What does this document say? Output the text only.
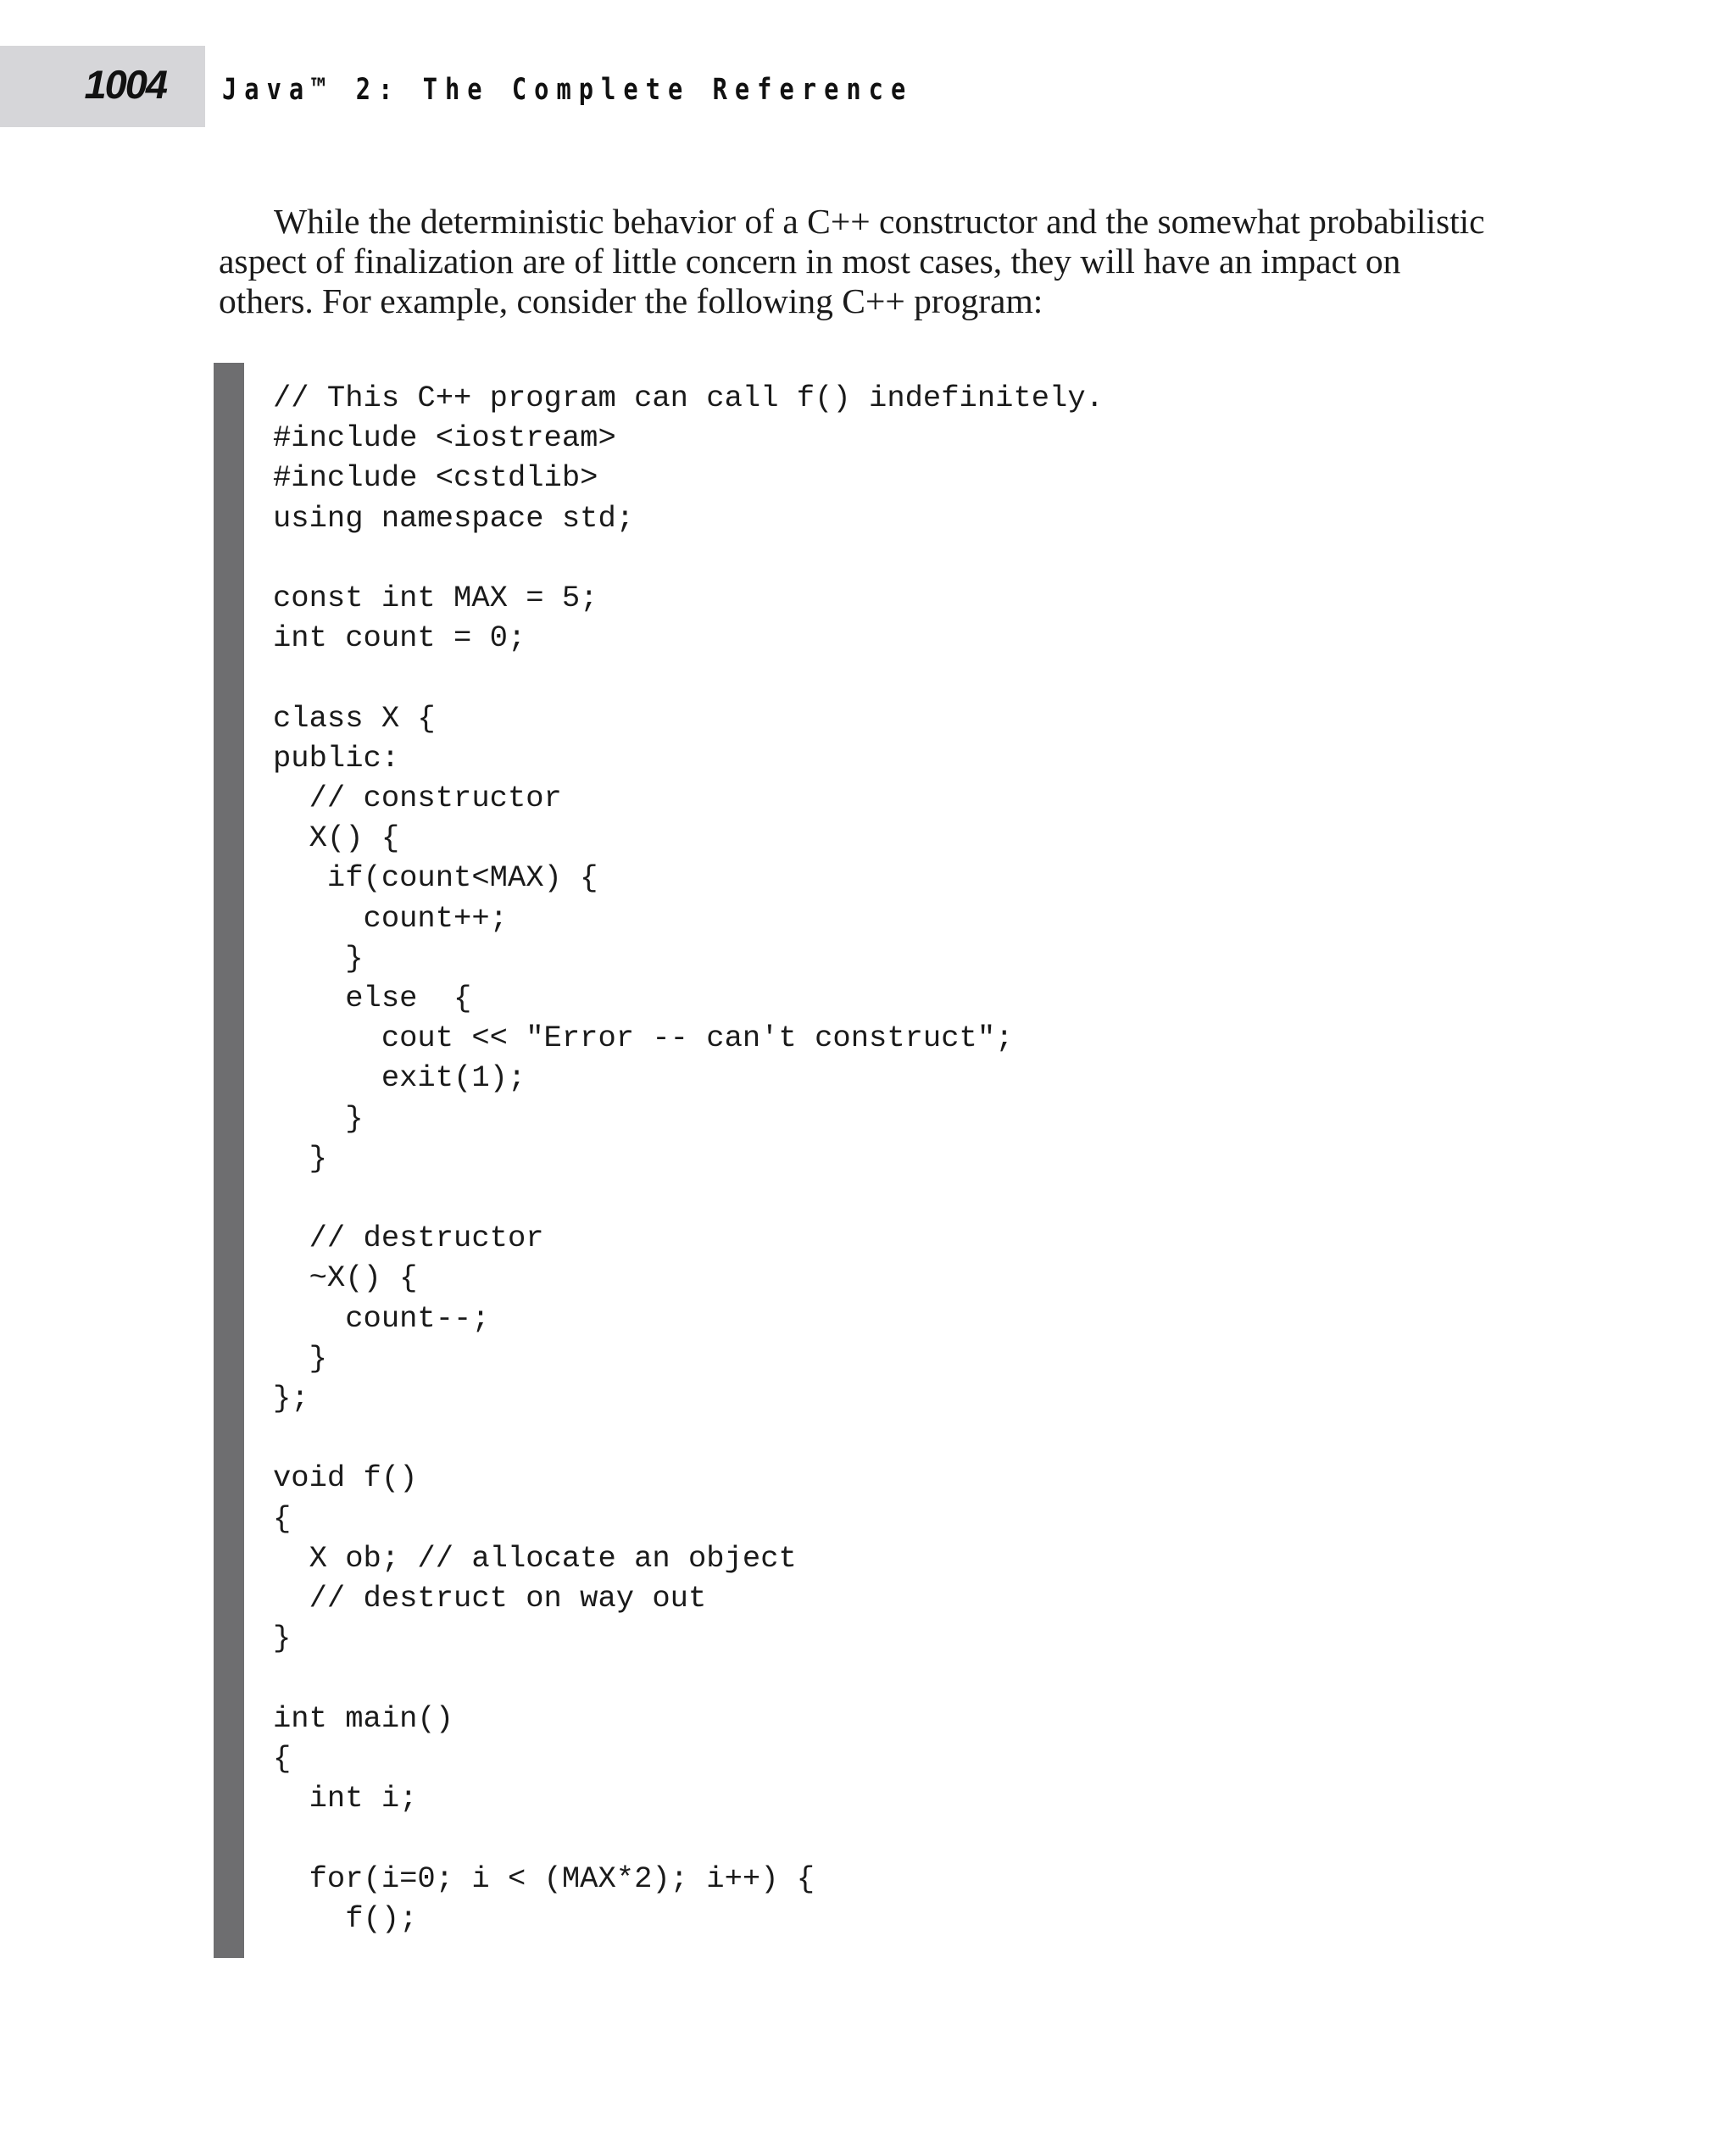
1004 Java™ 2: The Complete Reference

While the deterministic behavior of a C++ constructor and the somewhat probabilistic aspect of finalization are of little concern in most cases, they will have an impact on others. For example, consider the following C++ program:

// This C++ program can call f() indefinitely.
#include <iostream>
#include <cstdlib>
using namespace std;

const int MAX = 5;
int count = 0;

class X {
public:
// constructor
X() {
if(count<MAX) {
count++;
}
else  {
cout << "Error -- can't construct";
exit(1);
}
}

// destructor
~X() {
count--;
}
};

void f()
{
X ob; // allocate an object
// destruct on way out
}

int main()
{
int i;

for(i=0; i < (MAX*2); i++) {
f();
